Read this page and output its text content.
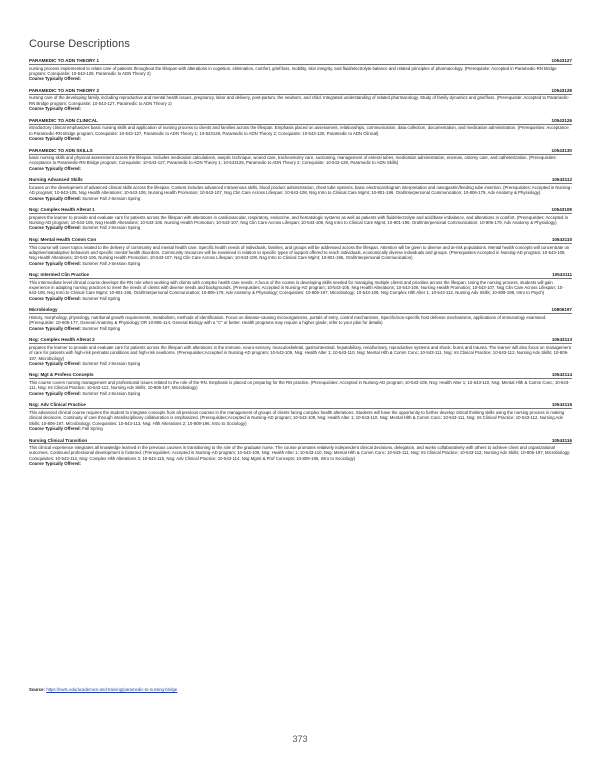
Course Descriptions
PARAMEDIC TO ADN THEORY 1	10543127
nursing process implemented to relate care of patients throughout the lifespan with alterations in cognition, elimination, comfort, grief/loss, mobility, skin integrity, and fluid/electrolyte balance and related principles of pharmacology. (Prerequisite: Accepted in Paramedic-RN Bridge program; Corequisite: 10-543-128, Paramedic to ADN Theory 2)
Course Typically Offered:
PARAMEDIC TO ADN THEORY 2	10543128
nursing care of the developing family, including reproductive and mental health issues, pregnancy, labor and delivery, post-partum, the newborn, and child. Integrated understanding of related pharmacology. Study of family dynamics and grief/loss. (Prerequisite: Accepted to Paramedic-RN Bridge program; Corequisite: 10-543-127, Paramedic to ADN Theory 1)
Course Typically Offered:
PARAMEDIC TO ADN CLINICAL	10543126
introductory clinical emphasizes basic nursing skills and application of nursing process to clients and families across the lifespan. Emphasis placed on assessment, relationships, communication, data collection, documentation, and medication administration. (Prerequisites: Acceptance to Paramedic-RN Bridge program; Corequisite: 10-543-127, Paramedic to ADN Theory 1; 10-543128, Paramedic to ADN Theory 2; Corequisite: 10-543-130, Paramedic to ADN Clinical)
Course Typically Offered:
PARAMEDIC TO ADN SKILLS	10543130
basic nursing skills and physical assessment across the lifespan. Includes medication calculations, aseptic technique, wound care, tracheostomy care, suctioning, management of enteral tubes, medication administration, enemas, ostomy care, and catheterization. (Prerequisites: Acceptance to Paramedic-RN Bridge program; Corequisite: 10-543-127, Paramedic to ADN Theory 1; 10-543128, Paramedic to ADN Theory 2; Corequisite: 10-543-129, Paramedic to ADN Skills)
Course Typically Offered:
Nursing Advanced Skills	10543112
focuses on the development of advanced clinical skills across the lifespan. Content includes advanced intravenous skills, blood product administration, chest tube systems, basic electrocardiogram interpretation and nasogastric/feeding tube insertion. (Prerequisites: Accepted in Nursing-AD program; 10-543-105, Nsg Health Alterations; 10-543-106, Nursing Health Promotion; 10-543-107, Nsg Clin Care Across Lifespan; 10-543-108, Nsg Intro to Clinical Care Mgmt; 10-801-196, Oral/Interpersonal Communication; 10-806-179, Adv Anatomy & Physiology)
Course Typically Offered: Summer Fall J-Session Spring
Nsg: Complex Health Alterat 1	10543109
prepares the learner to provide and evaluate care for patients across the lifespan with alterations in cardiovascular, respiratory, endocrine, and hematologic systems as well as patients with fluid/electrolyte and acid/base imbalance, and alterations in comfort. (Prerequisites: Accepted in Nursing-AD program; 10-543-105, Nsg Health Alterations; 10-543-106, Nursing Health Promotion; 10-543-107, Nsg Clin Care Across Lifespan; 10-543-108, Nsg Intro to Clinical Care Mgmt; 10-801-196, Oral/Interpersonal Communication; 10-806-179, Adv Anatomy & Physiology)
Course Typically Offered: Summer Fall J-Session Spring
Nsg: Mental Health Comm Con	10543110
This course will cover topics related to the delivery of community and mental health care. Specific health needs of individuals, families, and groups will be addressed across the lifespan. Attention will be given to diverse and at-risk populations. Mental health concepts will concentrate on adaptive/maladaptive behaviors and specific mental health disorders. Community resources will be examined in relation to specific types of support offered to reach individuals, economically diverse individuals and groups. (Prerequisites:Accepted in Nursing-AD program; 10-543-105, Nsg Health Alterations; 10-543-106, Nursing Health Promotion; 10-543-107, Nsg Clin Care Across Lifespan; 10-543-108, Nsg Intro to Clinical Care Mgmt; 10-801-196, Oral/Interpersonal Communication)
Course Typically Offered: Summer Fall J-Session Spring
Nsg: Intermed Clin Practice	10543111
This intermediate level clinical course develops the RN role when working with clients with complex health care needs. A focus of the course is developing skills needed for managing multiple clients and priorities across the lifespan. Using the nursing process, students will gain experience in adapting nursing practices to meet the needs of clients with diverse needs and backgrounds. (Prerequisites: Accepted in Nursing-AD program; 10-543-105, Nsg Health Alterations; 10-543-106, Nursing Health Promotion; 10-543-107, Nsg Clin Care Across Lifespan; 10-543-108, Nsg Intro to Clinical Care Mgmt; 10-801-196, Oral/Interpersonal Communication; 10-806-179, Adv Anatomy & Physiology; Corequisites: 10-806-197, Microbiology; 10-543-109, Nsg Complex Hlth Alter 1; 10-543-112, Nursing Adv Skills; 10-809-198, Intro to Psych)
Course Typically Offered: Summer Fall Spring
Microbiology	10806197
History, morphology, physiology, nutritional growth requirements, metabolism, methods of identification. Focus on disease-causing microorganisms, portals of entry, control mechanisms. Specific/non-specific host defense mechanisms, applications of immunology examined. (Prerequisite: 10-806-177, General Anatomy & Physiology OR 10-806-114, General Biology with a "C" or better. Health programs may require a higher grade; refer to your plan for details)
Course Typically Offered: Summer Fall Spring
Nsg: Complex Health Alterat 2	10543113
prepares the learner to provide and evaluate care for patients across the lifespan with alterations in the immune, neuro-sensory, musculoskeletal, gastrointestinal, hepatobiliary, renal/urinary, reproductive systems and shock, burns and trauma. The learner will also focus on management of care for patients with high-risk perinatal conditions and high-risk newborns. (Prerequisites:Accepted in Nursing-AD program; 10-543-109, Nsg: Health Alter 1; 10-543-110, Nsg: Mental Hlth & Comm Conc; 10-543-111, Nsg: Int Clinical Practice; 10-543-112, Nursing Adv Skills; 10-806-197, Microbiology)
Course Typically Offered: Summer Fall J-Session Spring
Nsg: Mgt & Profess Concepts	10543114
This course covers nursing management and professional issues related to the role of the RN. Emphasis is placed on preparing for the RN practice. (Prerequisites: Accepted in Nursing-AD program; 10-543-109, Nsg: Health Alter 1; 10-543-110, Nsg: Mental Hlth & Comm Conc; 10-543-111, Nsg: Int Clinical Practice; 10-543-112, Nursing Adv Skills; 10-806-197, Microbiology)
Course Typically Offered: Summer Fall J-Session Spring
Nsg: Adv Clinical Practice	10543115
This advanced clinical course requires the student to integrate concepts from all previous courses in the management of groups of clients facing complex health alterations. Students will have the opportunity to further develop critical thinking skills using the nursing process in making clinical decisions. Continuity of care through interdisciplinary collaboration is emphasized. (Prerequisites:Accepted in Nursing-AD program; 10-543-109, Nsg: Health Alter 1; 10-543-110, Nsg: Mental Hlth & Comm Conc; 10-543-111, Nsg: Int Clinical Practice; 10-543-112, Nursing Adv Skills; 10-806-197, Microbiology; Corequisites: 10-543-113, Nsg: Hlth Alterations 2; 10-809-196, Intro to Sociology)
Course Typically Offered: Fall Spring
Nursing Clinical Transition	10543116
This clinical experience integrates all knowledge learned in the previous courses in transitioning to the role of the graduate nurse. The course promotes relatively independent clinical decisions, delegation, and works collaboratively with others to achieve client and organizational outcomes. Continued professional development is fostered. (Prerequisites: Accepted in Nursing-AD program; 10-543-109, Nsg: Health Alter 1; 10-543-110, Nsg: Mental Hlth & Comm Conc; 10-543-111, Nsg: Int Clinical Practice; 10-543-112, Nursing Adv Skills; 10-806-197, Microbiology; Corequisites: 10-543-113, Nsg: Complex Hlth Alterations 2; 10-543-115, Nsg: Adv Clinical Practice; 10-543-114, Nsg Mgmt & Prof Concepts; 10-809-196, Intro to Sociology)
Course Typically Offered:
Source: https://nwtc.edu/academics-and-training/paramedic-to-nursing-bridge
373
